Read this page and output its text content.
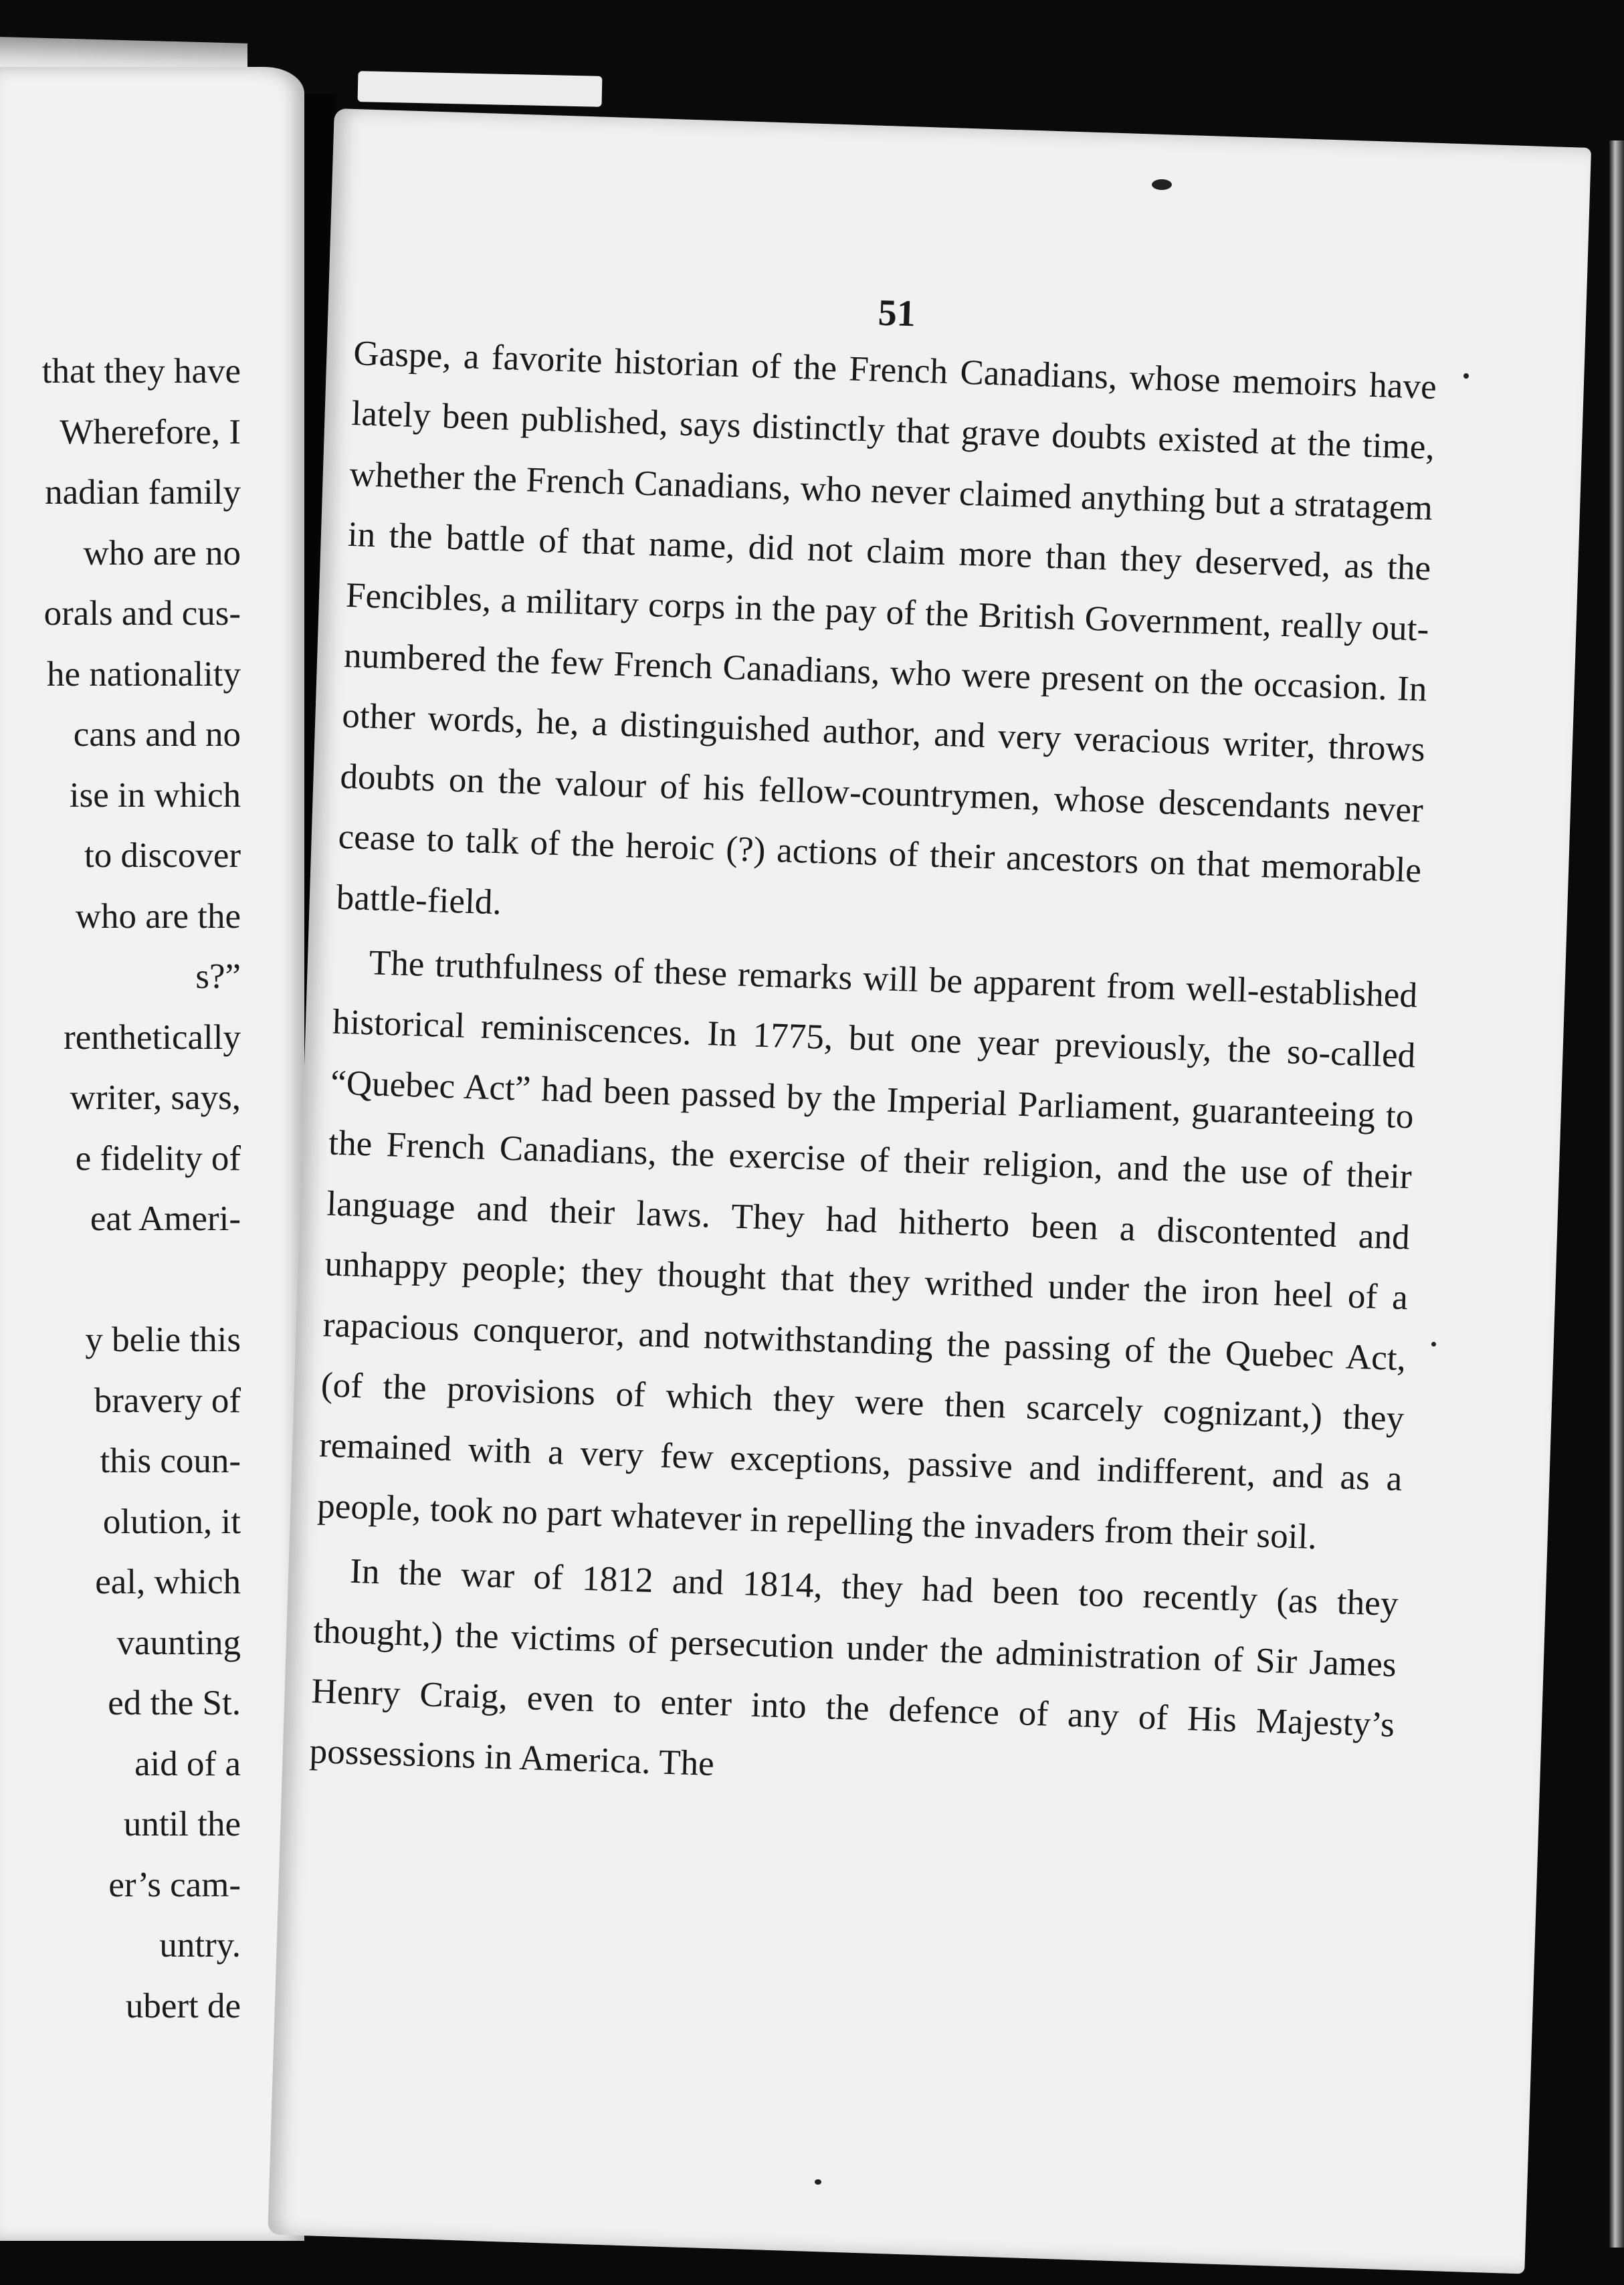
that they have
Wherefore, I
nadian family
who are no
orals and cus-
he nationality
cans and no
ise in which
to discover
who are the
s?”
renthetically
writer, says,
e fidelity of
eat Ameri-
y belie this
bravery of
this coun-
olution, it
eal, which
vaunting
ed the St.
aid of a
until the
er’s cam-
untry.
ubert de
51

Gaspe, a favorite historian of the French Canadians, whose memoirs have lately been published, says distinctly that grave doubts existed at the time, whether the French Canadians, who never claimed anything but a stratagem in the battle of that name, did not claim more than they deserved, as the Fencibles, a military corps in the pay of the British Government, really out-numbered the few French Canadians, who were present on the occasion. In other words, he, a distinguished author, and very veracious writer, throws doubts on the valour of his fellow-countrymen, whose descendants never cease to talk of the heroic (?) actions of their ancestors on that memorable battle-field.

The truthfulness of these remarks will be apparent from well-established historical reminiscences. In 1775, but one year previously, the so-called “Quebec Act” had been passed by the Imperial Parliament, guaranteeing to the French Canadians, the exercise of their religion, and the use of their language and their laws. They had hitherto been a discontented and unhappy people; they thought that they writhed under the iron heel of a rapacious conqueror, and notwithstanding the passing of the Quebec Act, (of the provisions of which they were then scarcely cognizant,) they remained with a very few exceptions, passive and indifferent, and as a people, took no part whatever in repelling the invaders from their soil.

In the war of 1812 and 1814, they had been too recently (as they thought,) the victims of persecution under the administration of Sir James Henry Craig, even to enter into the defence of any of His Majesty’s possessions in America. The
